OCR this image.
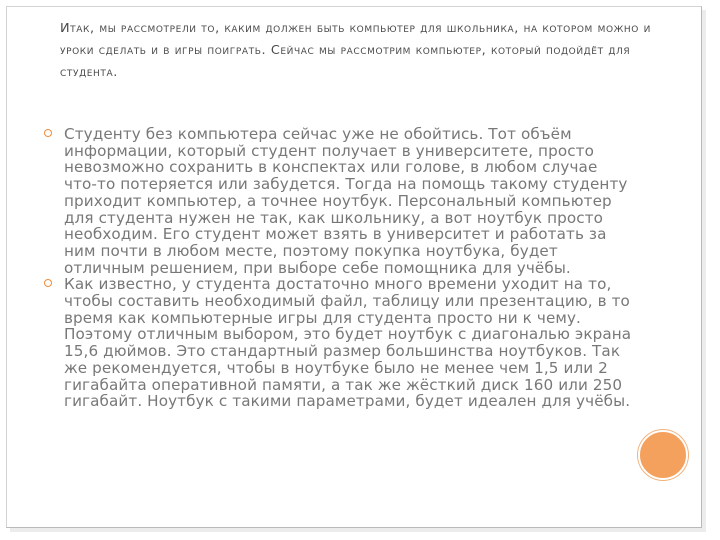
Итак, мы рассмотрели то, каким должен быть компьютер для школьника, на котором можно и уроки сделать и в игры поиграть. Сейчас мы рассмотрим компьютер, который подойдёт для студента.
Студенту без компьютера сейчас уже не обойтись. Тот объём информации, который студент получает в университете, просто невозможно сохранить в конспектах или голове, в любом случае что-то потеряется или забудется. Тогда на помощь такому студенту приходит компьютер, а точнее ноутбук. Персональный компьютер для студента нужен не так, как школьнику, а вот ноутбук просто необходим. Его студент может взять в университет и работать за ним почти в любом месте, поэтому покупка ноутбука, будет отличным решением, при выборе себе помощника для учёбы.
Как известно, у студента достаточно много времени уходит на то, чтобы составить необходимый файл, таблицу или презентацию, в то время как компьютерные игры для студента просто ни к чему. Поэтому отличным выбором, это будет ноутбук с диагональю экрана 15,6 дюймов. Это стандартный размер большинства ноутбуков. Так же рекомендуется, чтобы в ноутбуке было не менее чем 1,5 или 2 гигабайта оперативной памяти, а так же жёсткий диск 160 или 250 гигабайт. Ноутбук с такими параметрами, будет идеален для учёбы.
